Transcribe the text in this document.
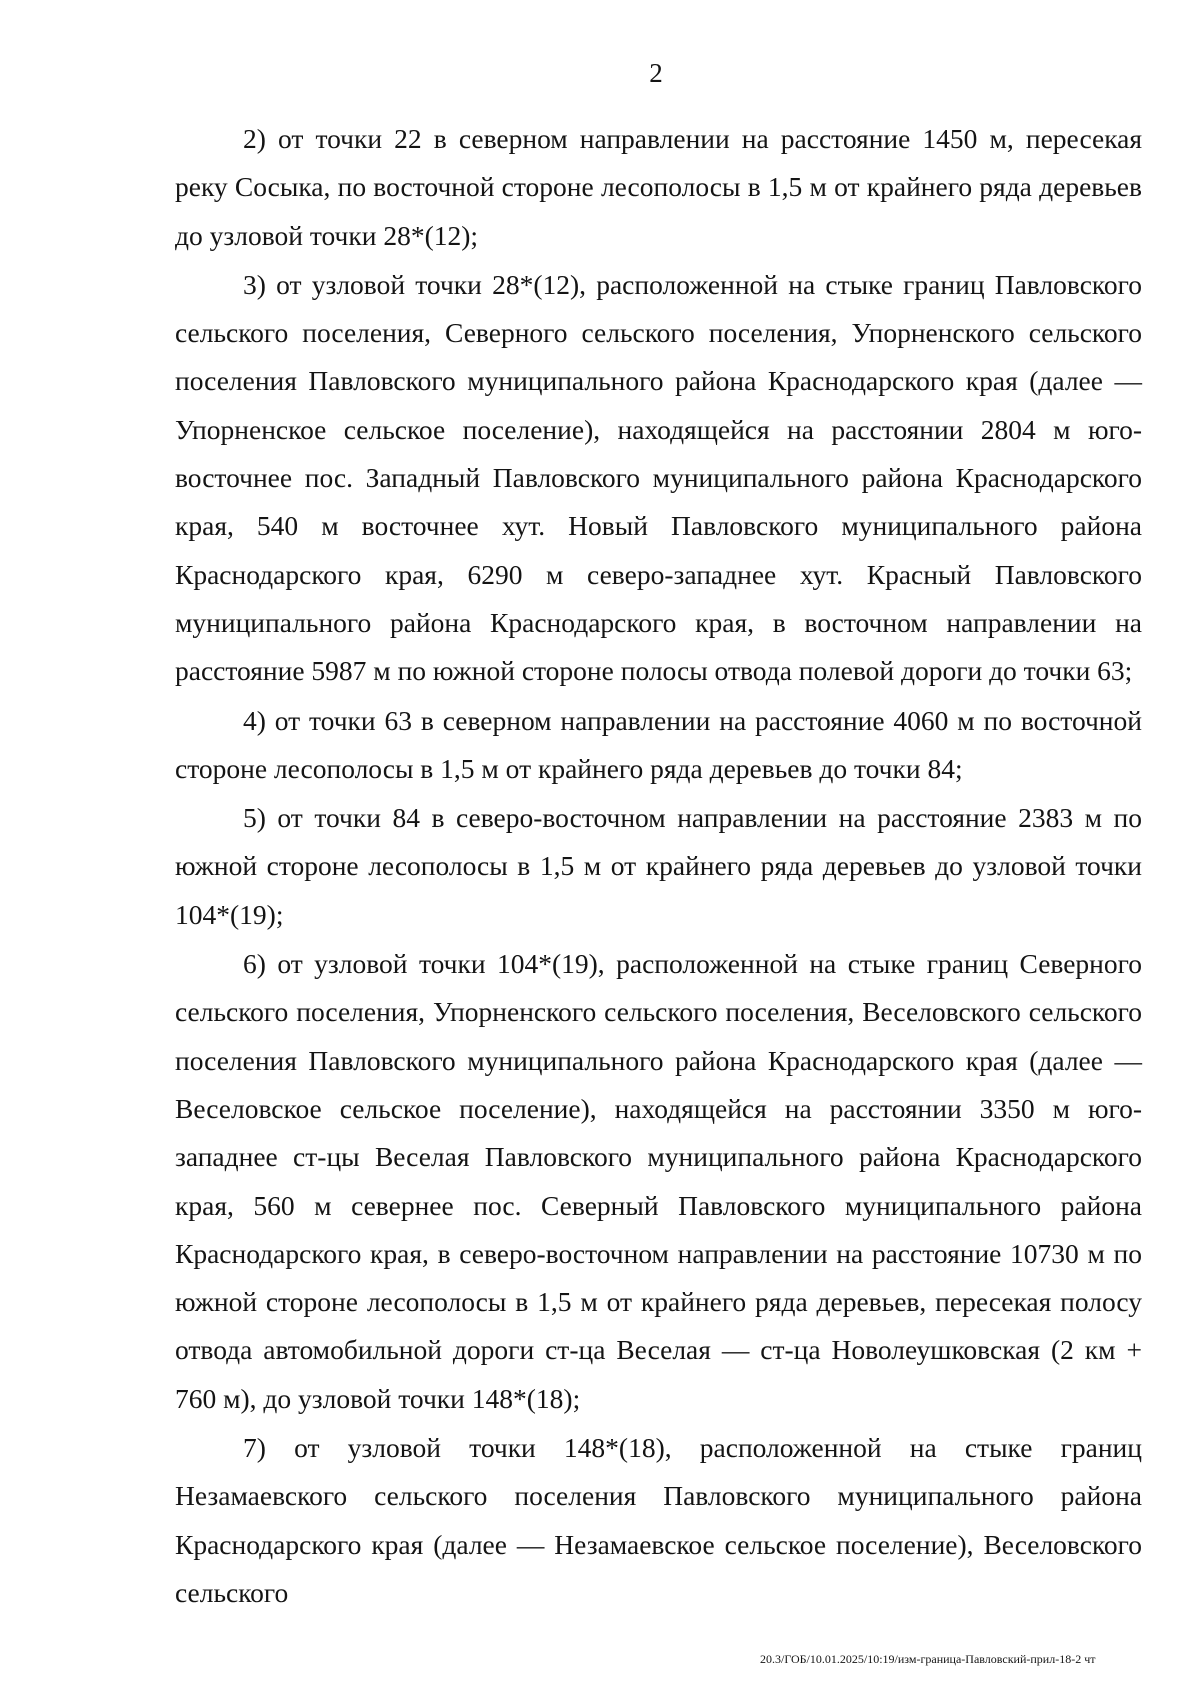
2

2) от точки 22 в северном направлении на расстояние 1450 м, пересекая реку Сосыка, по восточной стороне лесополосы в 1,5 м от крайнего ряда деревьев до узловой точки 28*(12);

3) от узловой точки 28*(12), расположенной на стыке границ Павловского сельского поселения, Северного сельского поселения, Упорненского сельского поселения Павловского муниципального района Краснодарского края (далее — Упорненское сельское поселение), находящейся на расстоянии 2804 м юго-восточнее пос. Западный Павловского муниципального района Краснодарского края, 540 м восточнее хут. Новый Павловского муниципального района Краснодарского края, 6290 м северо-западнее хут. Красный Павловского муниципального района Краснодарского края, в восточном направлении на расстояние 5987 м по южной стороне полосы отвода полевой дороги до точки 63;

4) от точки 63 в северном направлении на расстояние 4060 м по восточной стороне лесополосы в 1,5 м от крайнего ряда деревьев до точки 84;

5) от точки 84 в северо-восточном направлении на расстояние 2383 м по южной стороне лесополосы в 1,5 м от крайнего ряда деревьев до узловой точки 104*(19);

6) от узловой точки 104*(19), расположенной на стыке границ Северного сельского поселения, Упорненского сельского поселения, Веселовского сельского поселения Павловского муниципального района Краснодарского края (далее — Веселовское сельское поселение), находящейся на расстоянии 3350 м юго-западнее ст-цы Веселая Павловского муниципального района Краснодарского края, 560 м севернее пос. Северный Павловского муниципального района Краснодарского края, в северо-восточном направлении на расстояние 10730 м по южной стороне лесополосы в 1,5 м от крайнего ряда деревьев, пересекая полосу отвода автомобильной дороги ст-ца Веселая — ст-ца Новолеушковская (2 км + 760 м), до узловой точки 148*(18);

7) от узловой точки 148*(18), расположенной на стыке границ Незамаевского сельского поселения Павловского муниципального района Краснодарского края (далее — Незамаевское сельское поселение), Веселовского сельского

20.3/ГОБ/10.01.2025/10:19/изм-граница-Павловский-прил-18-2 чт
